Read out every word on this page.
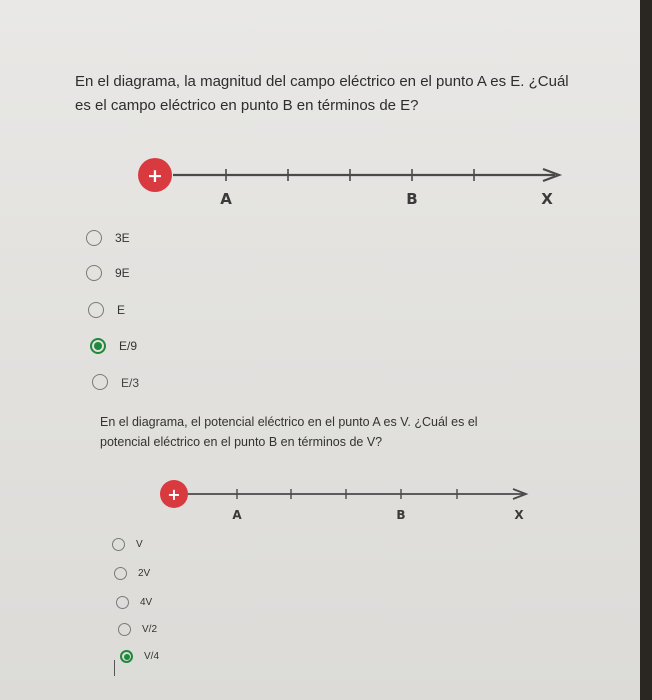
En el diagrama, la magnitud del campo eléctrico en el punto A es E. ¿Cuál
es el campo eléctrico en punto B en términos de E?
+
A	B	X
3E
9E
E
E/9
E/3
En el diagrama, el potencial eléctrico en el punto A es V. ¿Cuál es el
potencial eléctrico en el punto B en términos de V?
+
A	B	X
V
2V
4V
V/2
V/4
